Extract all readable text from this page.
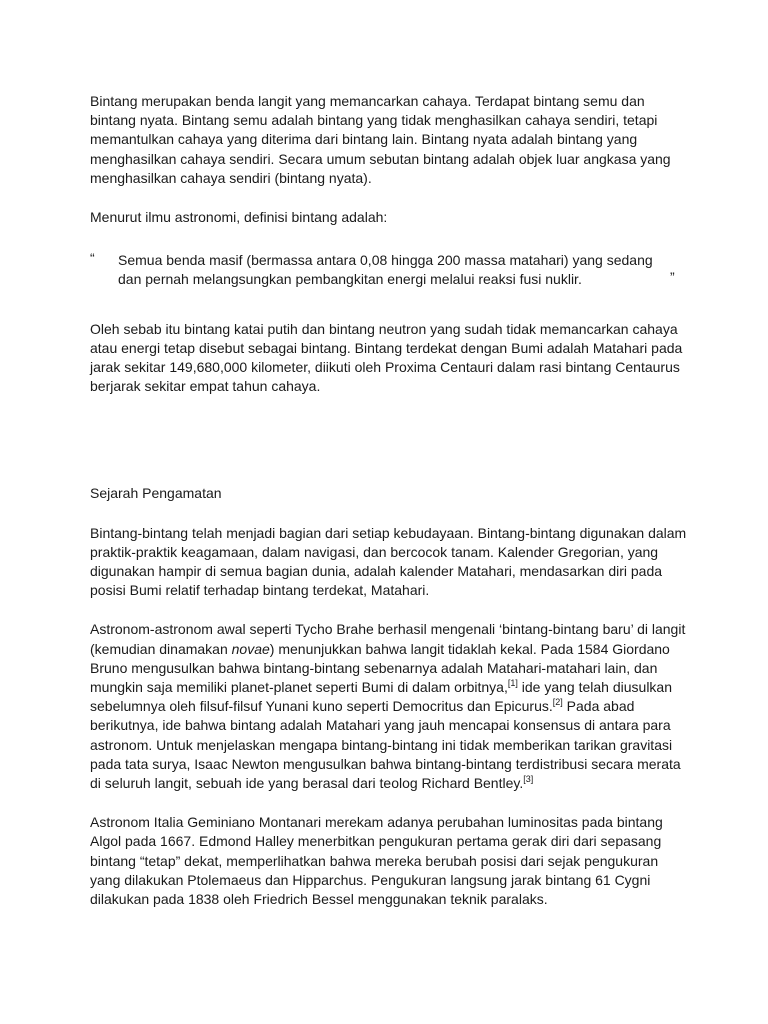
Bintang merupakan benda langit yang memancarkan cahaya. Terdapat bintang semu dan bintang nyata. Bintang semu adalah bintang yang tidak menghasilkan cahaya sendiri, tetapi memantulkan cahaya yang diterima dari bintang lain. Bintang nyata adalah bintang yang menghasilkan cahaya sendiri. Secara umum sebutan bintang adalah objek luar angkasa yang menghasilkan cahaya sendiri (bintang nyata).

Menurut ilmu astronomi, definisi bintang adalah:

“ Semua benda masif (bermassa antara 0,08 hingga 200 massa matahari) yang sedang dan pernah melangsungkan pembangkitan energi melalui reaksi fusi nuklir.	”

Oleh sebab itu bintang katai putih dan bintang neutron yang sudah tidak memancarkan cahaya atau energi tetap disebut sebagai bintang. Bintang terdekat dengan Bumi adalah Matahari pada jarak sekitar 149,680,000 kilometer, diikuti oleh Proxima Centauri dalam rasi bintang Centaurus berjarak sekitar empat tahun cahaya.

Sejarah Pengamatan

Bintang-bintang telah menjadi bagian dari setiap kebudayaan. Bintang-bintang digunakan dalam praktik-praktik keagamaan, dalam navigasi, dan bercocok tanam. Kalender Gregorian, yang digunakan hampir di semua bagian dunia, adalah kalender Matahari, mendasarkan diri pada posisi Bumi relatif terhadap bintang terdekat, Matahari.

Astronom-astronom awal seperti Tycho Brahe berhasil mengenali ‘bintang-bintang baru’ di langit (kemudian dinamakan novae) menunjukkan bahwa langit tidaklah kekal. Pada 1584 Giordano Bruno mengusulkan bahwa bintang-bintang sebenarnya adalah Matahari-matahari lain, dan mungkin saja memiliki planet-planet seperti Bumi di dalam orbitnya,[1] ide yang telah diusulkan sebelumnya oleh filsuf-filsuf Yunani kuno seperti Democritus dan Epicurus.[2] Pada abad berikutnya, ide bahwa bintang adalah Matahari yang jauh mencapai konsensus di antara para astronom. Untuk menjelaskan mengapa bintang-bintang ini tidak memberikan tarikan gravitasi pada tata surya, Isaac Newton mengusulkan bahwa bintang-bintang terdistribusi secara merata di seluruh langit, sebuah ide yang berasal dari teolog Richard Bentley.[3]

Astronom Italia Geminiano Montanari merekam adanya perubahan luminositas pada bintang Algol pada 1667. Edmond Halley menerbitkan pengukuran pertama gerak diri dari sepasang bintang “tetap” dekat, memperlihatkan bahwa mereka berubah posisi dari sejak pengukuran yang dilakukan Ptolemaeus dan Hipparchus. Pengukuran langsung jarak bintang 61 Cygni dilakukan pada 1838 oleh Friedrich Bessel menggunakan teknik paralaks.
